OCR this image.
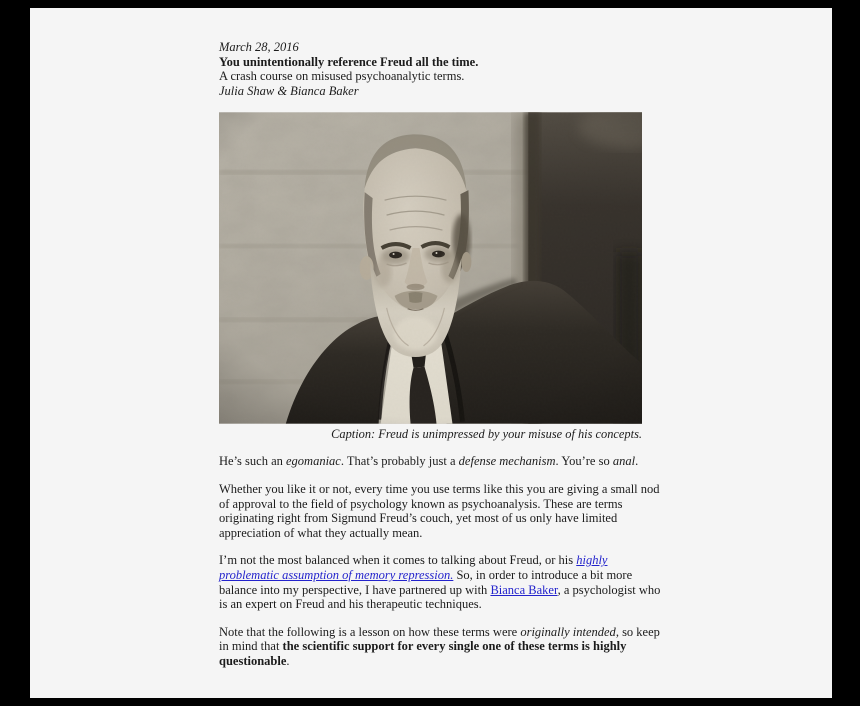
March 28, 2016
You unintentionally reference Freud all the time.
A crash course on misused psychoanalytic terms.
Julia Shaw & Bianca Baker
Caption: Freud is unimpressed by your misuse of his concepts.
He’s such an egomaniac. That’s probably just a defense mechanism. You’re so anal.
Whether you like it or not, every time you use terms like this you are giving a small nod of approval to the field of psychology known as psychoanalysis. These are terms originating right from Sigmund Freud’s couch, yet most of us only have limited appreciation of what they actually mean.
I’m not the most balanced when it comes to talking about Freud, or his highly problematic assumption of memory repression. So, in order to introduce a bit more balance into my perspective, I have partnered up with Bianca Baker, a psychologist who is an expert on Freud and his therapeutic techniques.
Note that the following is a lesson on how these terms were originally intended, so keep in mind that the scientific support for every single one of these terms is highly questionable.
